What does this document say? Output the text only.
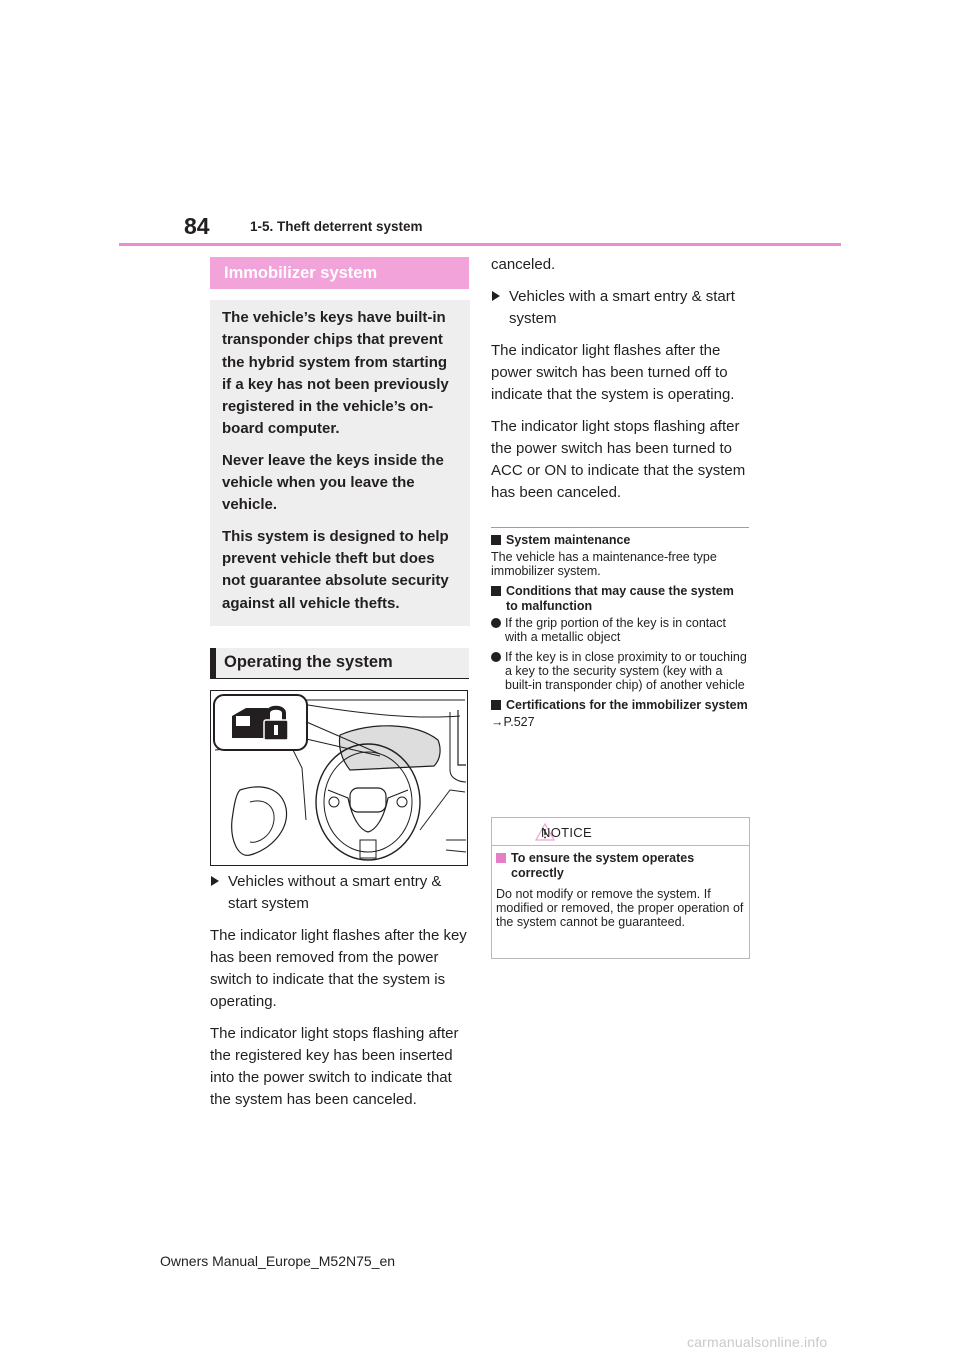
84	1-5. Theft deterrent system
Immobilizer system

The vehicle’s keys have built-in transponder chips that prevent the hybrid system from starting if a key has not been previously registered in the vehicle’s on-board computer.

Never leave the keys inside the vehicle when you leave the vehicle.

This system is designed to help prevent vehicle theft but does not guarantee absolute security against all vehicle thefts.

Operating the system
Vehicles without a smart entry & start system

The indicator light flashes after the key has been removed from the power switch to indicate that the system is operating.

The indicator light stops flashing after the registered key has been inserted into the power switch to indicate that the system has been canceled.

canceled.

Vehicles with a smart entry & start system

The indicator light flashes after the power switch has been turned off to indicate that the system is operating.

The indicator light stops flashing after the power switch has been turned to ACC or ON to indicate that the system has been canceled.

System maintenance

The vehicle has a maintenance-free type immobilizer system.

Conditions that may cause the system to malfunction
If the grip portion of the key is in contact with a metallic object
If the key is in close proximity to or touching a key to the security system (key with a built-in transponder chip) of another vehicle
Certifications for the immobilizer system

→P.527

NOTICE
To ensure the system operates correctly

Do not modify or remove the system. If modified or removed, the proper operation of the system cannot be guaranteed.

Owners Manual_Europe_M52N75_en
carmanualsonline.info
